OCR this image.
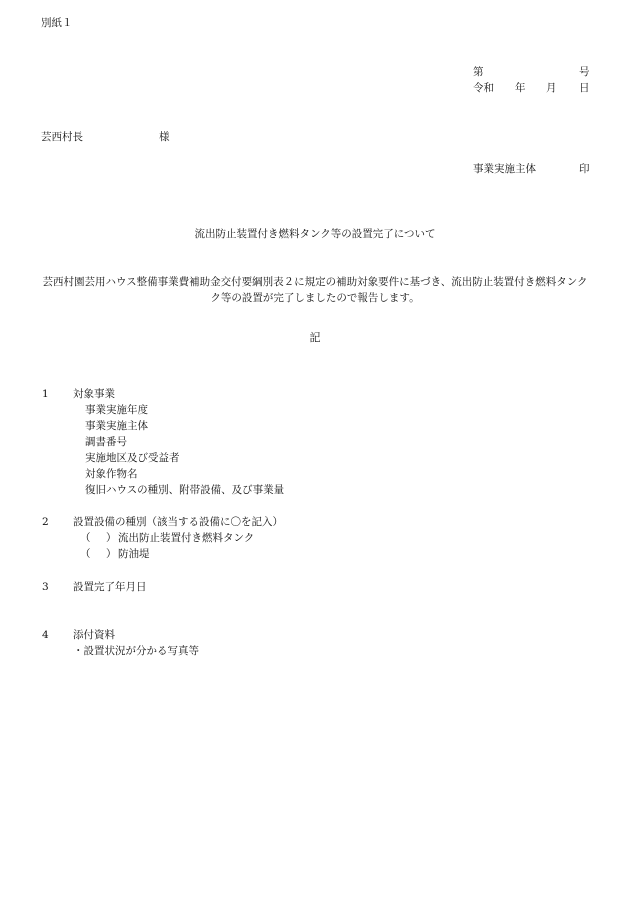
別紙１
第	号
令和 年 月 日
芸西村長	様
事業実施主体	印
流出防止装置付き燃料タンク等の設置完了について
芸西村園芸用ハウス整備事業費補助金交付要綱別表２に規定の補助対象要件に基づき、流出防止装置付き燃料タンク
ク等の設置が完了しましたので報告します。
記
1 対象事業
事業実施年度
事業実施主体
調書番号
実施地区及び受益者
対象作物名
復旧ハウスの種別、附帯設備、及び事業量
2 設置設備の種別（該当する設備に〇を記入）
（ ） 流出防止装置付き燃料タンク
（ ） 防油堤
3 設置完了年月日
4 添付資料
・設置状況が分かる写真等
